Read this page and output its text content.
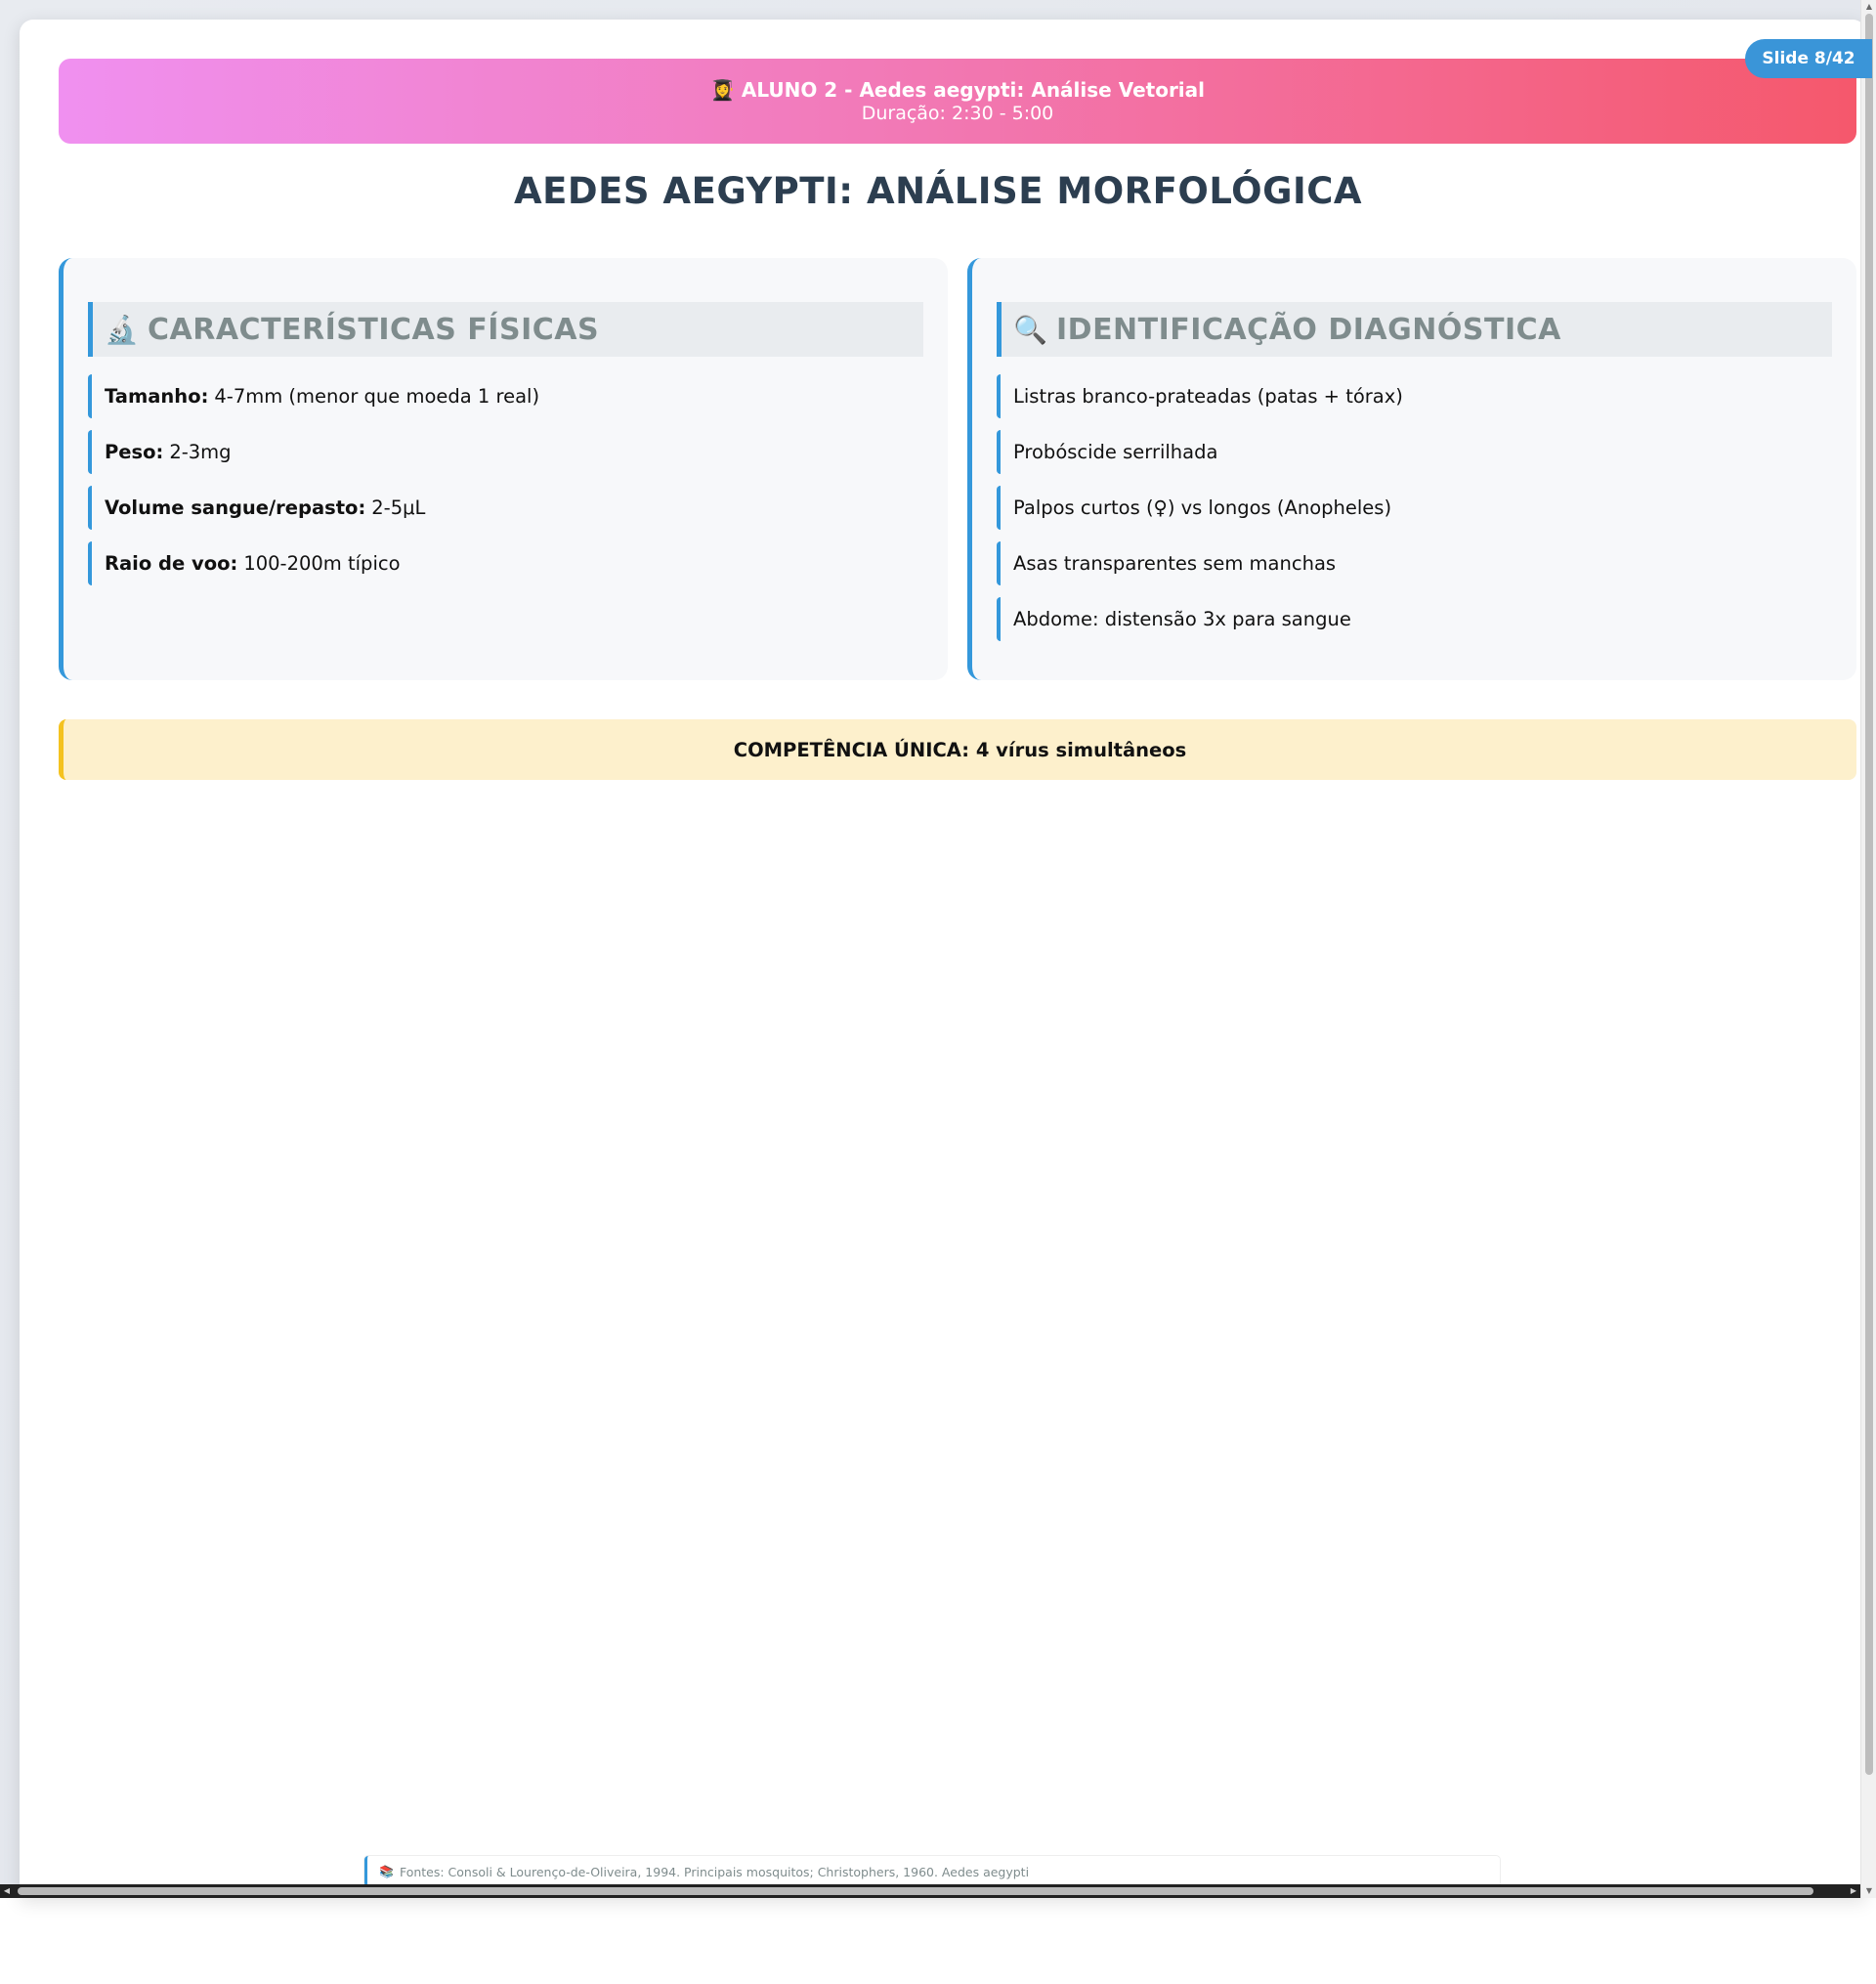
👩‍🎓 ALUNO 2 - Aedes aegypti: Análise Vetorial
Duração: 2:30 - 5:00
AEDES AEGYPTI: ANÁLISE MORFOLÓGICA
🔬 CARACTERÍSTICAS FÍSICAS
Tamanho: 4-7mm (menor que moeda 1 real)
Peso: 2-3mg
Volume sangue/repasto: 2-5μL
Raio de voo: 100-200m típico
🔍 IDENTIFICAÇÃO DIAGNÓSTICA
Listras branco-prateadas (patas + tórax)
Probóscide serrilhada
Palpos curtos (♀) vs longos (Anopheles)
Asas transparentes sem manchas
Abdome: distensão 3x para sangue
COMPETÊNCIA ÚNICA: 4 vírus simultâneos
📚 Fontes: Consoli & Lourenço-de-Oliveira, 1994. Principais mosquitos; Christophers, 1960. Aedes aegypti
Slide 8/42
▲
▼
◀	▶
